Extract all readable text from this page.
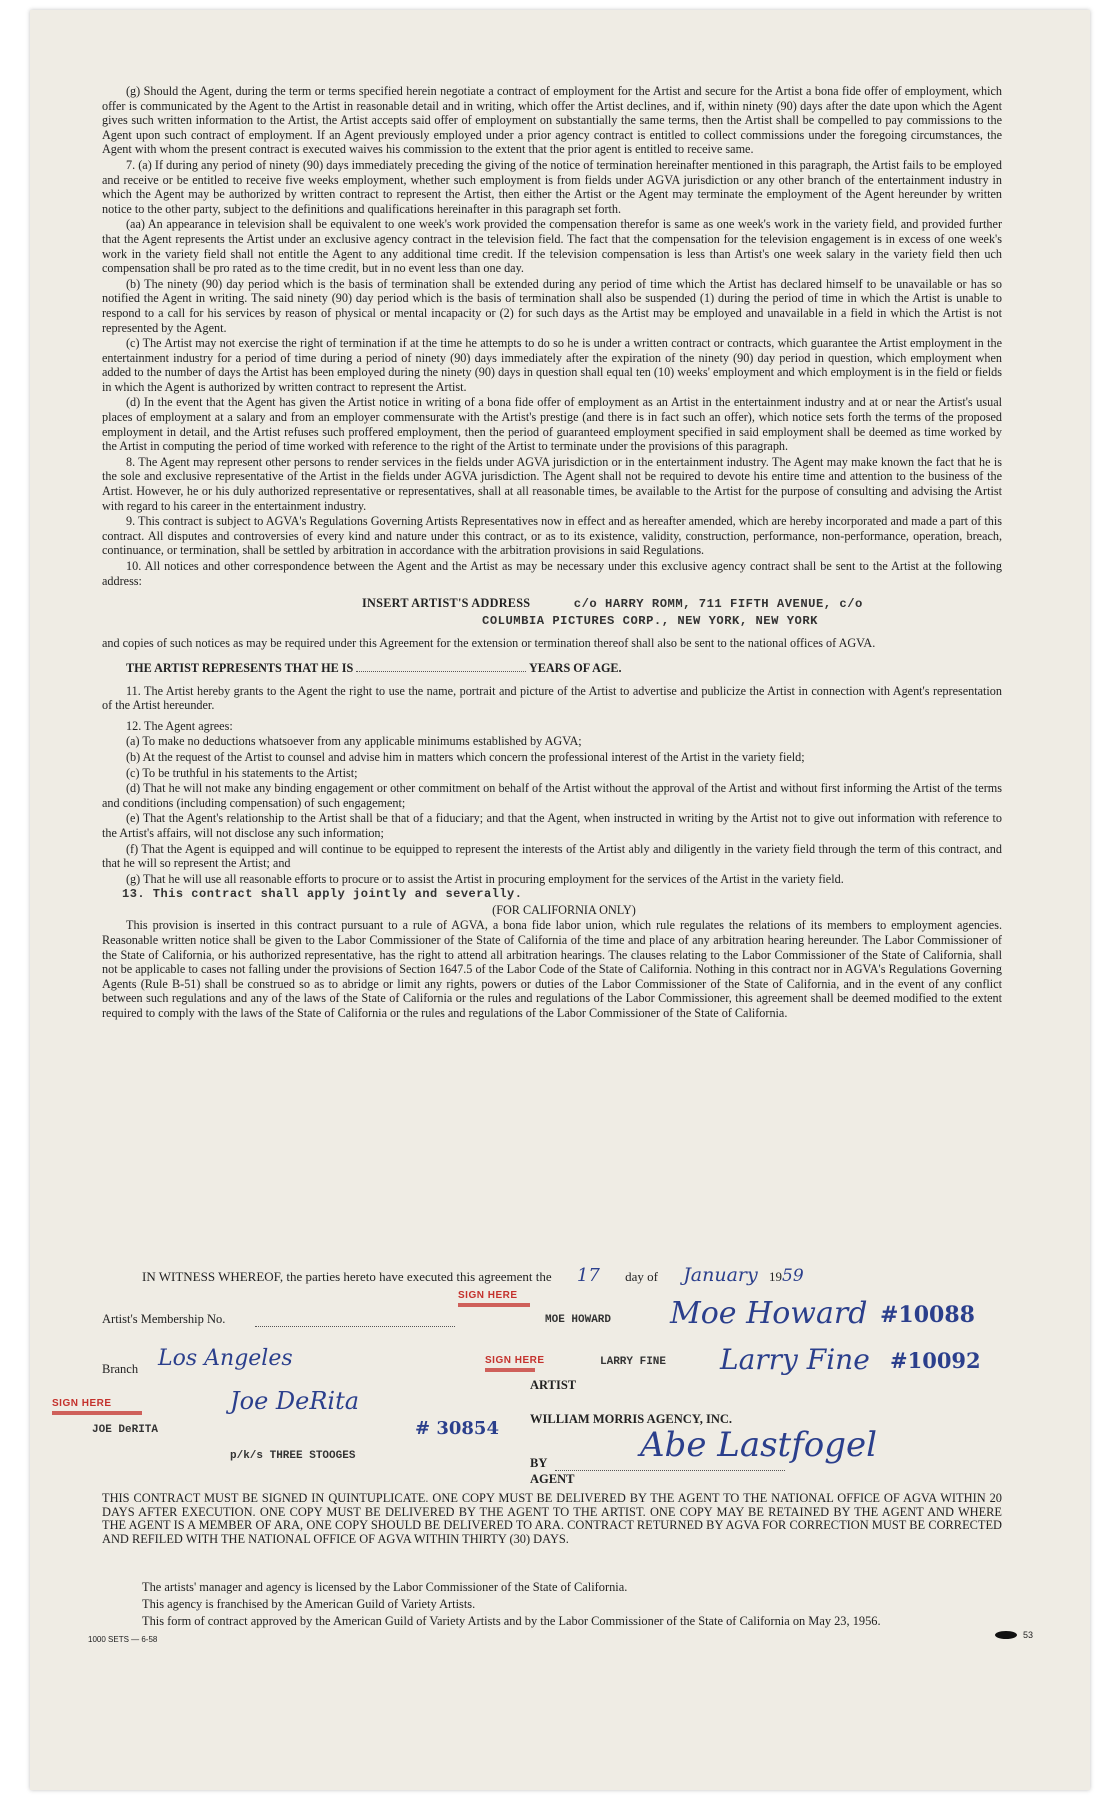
(g) Should the Agent, during the term or terms specified herein negotiate a contract of employment for the Artist and secure for the Artist a bona fide offer of employment, which offer is communicated by the Agent to the Artist in reasonable detail and in writing, which offer the Artist declines, and if, within ninety (90) days after the date upon which the Agent gives such written information to the Artist, the Artist accepts said offer of employment on substantially the same terms, then the Artist shall be compelled to pay commissions to the Agent upon such contract of employment. If an Agent previously employed under a prior agency contract is entitled to collect commissions under the foregoing circumstances, the Agent with whom the present contract is executed waives his commission to the extent that the prior agent is entitled to receive same.

7. (a) If during any period of ninety (90) days immediately preceding the giving of the notice of termination hereinafter mentioned in this paragraph, the Artist fails to be employed and receive or be entitled to receive five weeks employment, whether such employment is from fields under AGVA jurisdiction or any other branch of the entertainment industry in which the Agent may be authorized by written contract to represent the Artist, then either the Artist or the Agent may terminate the employment of the Agent hereunder by written notice to the other party, subject to the definitions and qualifications hereinafter in this paragraph set forth.

(aa) An appearance in television shall be equivalent to one week's work provided the compensation therefor is same as one week's work in the variety field, and provided further that the Agent represents the Artist under an exclusive agency contract in the television field. The fact that the compensation for the television engagement is in excess of one week's work in the variety field shall not entitle the Agent to any additional time credit. If the television compensation is less than Artist's one week salary in the variety field then uch compensation shall be pro rated as to the time credit, but in no event less than one day.

(b) The ninety (90) day period which is the basis of termination shall be extended during any period of time which the Artist has declared himself to be unavailable or has so notified the Agent in writing. The said ninety (90) day period which is the basis of termination shall also be suspended (1) during the period of time in which the Artist is unable to respond to a call for his services by reason of physical or mental incapacity or (2) for such days as the Artist may be employed and unavailable in a field in which the Artist is not represented by the Agent.

(c) The Artist may not exercise the right of termination if at the time he attempts to do so he is under a written contract or contracts, which guarantee the Artist employment in the entertainment industry for a period of time during a period of ninety (90) days immediately after the expiration of the ninety (90) day period in question, which employment when added to the number of days the Artist has been employed during the ninety (90) days in question shall equal ten (10) weeks' employment and which employment is in the field or fields in which the Agent is authorized by written contract to represent the Artist.

(d) In the event that the Agent has given the Artist notice in writing of a bona fide offer of employment as an Artist in the entertainment industry and at or near the Artist's usual places of employment at a salary and from an employer commensurate with the Artist's prestige (and there is in fact such an offer), which notice sets forth the terms of the proposed employment in detail, and the Artist refuses such proffered employment, then the period of guaranteed employment specified in said employment shall be deemed as time worked by the Artist in computing the period of time worked with reference to the right of the Artist to terminate under the provisions of this paragraph.

8. The Agent may represent other persons to render services in the fields under AGVA jurisdiction or in the entertainment industry. The Agent may make known the fact that he is the sole and exclusive representative of the Artist in the fields under AGVA jurisdiction. The Agent shall not be required to devote his entire time and attention to the business of the Artist. However, he or his duly authorized representative or representatives, shall at all reasonable times, be available to the Artist for the purpose of consulting and advising the Artist with regard to his career in the entertainment industry.

9. This contract is subject to AGVA's Regulations Governing Artists Representatives now in effect and as hereafter amended, which are hereby incorporated and made a part of this contract. All disputes and controversies of every kind and nature under this contract, or as to its existence, validity, construction, performance, non-performance, operation, breach, continuance, or termination, shall be settled by arbitration in accordance with the arbitration provisions in said Regulations.

10. All notices and other correspondence between the Agent and the Artist as may be necessary under this exclusive agency contract shall be sent to the Artist at the following address:

INSERT ARTIST'S ADDRESS	c/o HARRY ROMM, 711 FIFTH AVENUE, c/o
COLUMBIA PICTURES CORP., NEW YORK, NEW YORK

and copies of such notices as may be required under this Agreement for the extension or termination thereof shall also be sent to the national offices of AGVA.

THE ARTIST REPRESENTS THAT HE IS	YEARS OF AGE.

11. The Artist hereby grants to the Agent the right to use the name, portrait and picture of the Artist to advertise and publicize the Artist in connection with Agent's representation of the Artist hereunder.

12. The Agent agrees:

(a) To make no deductions whatsoever from any applicable minimums established by AGVA;

(b) At the request of the Artist to counsel and advise him in matters which concern the professional interest of the Artist in the variety field;

(c) To be truthful in his statements to the Artist;

(d) That he will not make any binding engagement or other commitment on behalf of the Artist without the approval of the Artist and without first informing the Artist of the terms and conditions (including compensation) of such engagement;

(e) That the Agent's relationship to the Artist shall be that of a fiduciary; and that the Agent, when instructed in writing by the Artist not to give out information with reference to the Artist's affairs, will not disclose any such information;

(f) That the Agent is equipped and will continue to be equipped to represent the interests of the Artist ably and diligently in the variety field through the term of this contract, and that he will so represent the Artist; and

(g) That he will use all reasonable efforts to procure or to assist the Artist in procuring employment for the services of the Artist in the variety field.

13. This contract shall apply jointly and severally.

(FOR CALIFORNIA ONLY)

This provision is inserted in this contract pursuant to a rule of AGVA, a bona fide labor union, which rule regulates the relations of its members to employment agencies. Reasonable written notice shall be given to the Labor Commissioner of the State of California of the time and place of any arbitration hearing hereunder. The Labor Commissioner of the State of California, or his authorized representative, has the right to attend all arbitration hearings. The clauses relating to the Labor Commissioner of the State of California, shall not be applicable to cases not falling under the provisions of Section 1647.5 of the Labor Code of the State of California. Nothing in this contract nor in AGVA's Regulations Governing Agents (Rule B-51) shall be construed so as to abridge or limit any rights, powers or duties of the Labor Commissioner of the State of California, and in the event of any conflict between such regulations and any of the laws of the State of California or the rules and regulations of the Labor Commissioner, this agreement shall be deemed modified to the extent required to comply with the laws of the State of California or the rules and regulations of the Labor Commissioner of the State of California.

IN WITNESS WHEREOF, the parties hereto have executed this agreement the 17 day of January 1959
Artist's Membership No.
SIGN HERE
MOE HOWARD Moe Howard #10088
Branch Los Angeles	SIGN HERE	LARRY FINE Larry Fine #10092
ARTIST
SIGN HERE	Joe DeRita
JOE DeRITA	# 30854
p/k/s THREE STOOGES
WILLIAM MORRIS AGENCY, INC.
BY
AGENT
Abe Lastfogel
THIS CONTRACT MUST BE SIGNED IN QUINTUPLICATE. ONE COPY MUST BE DELIVERED BY THE AGENT TO THE NATIONAL OFFICE OF AGVA WITHIN 20 DAYS AFTER EXECUTION. ONE COPY MUST BE DELIVERED BY THE AGENT TO THE ARTIST. ONE COPY MAY BE RETAINED BY THE AGENT AND WHERE THE AGENT IS A MEMBER OF ARA, ONE COPY SHOULD BE DELIVERED TO ARA. CONTRACT RETURNED BY AGVA FOR CORRECTION MUST BE CORRECTED AND REFILED WITH THE NATIONAL OFFICE OF AGVA WITHIN THIRTY (30) DAYS.

The artists' manager and agency is licensed by the Labor Commissioner of the State of California.

This agency is franchised by the American Guild of Variety Artists.

This form of contract approved by the American Guild of Variety Artists and by the Labor Commissioner of the State of California on May 23, 1956.

1000 SETS — 6-58	53
